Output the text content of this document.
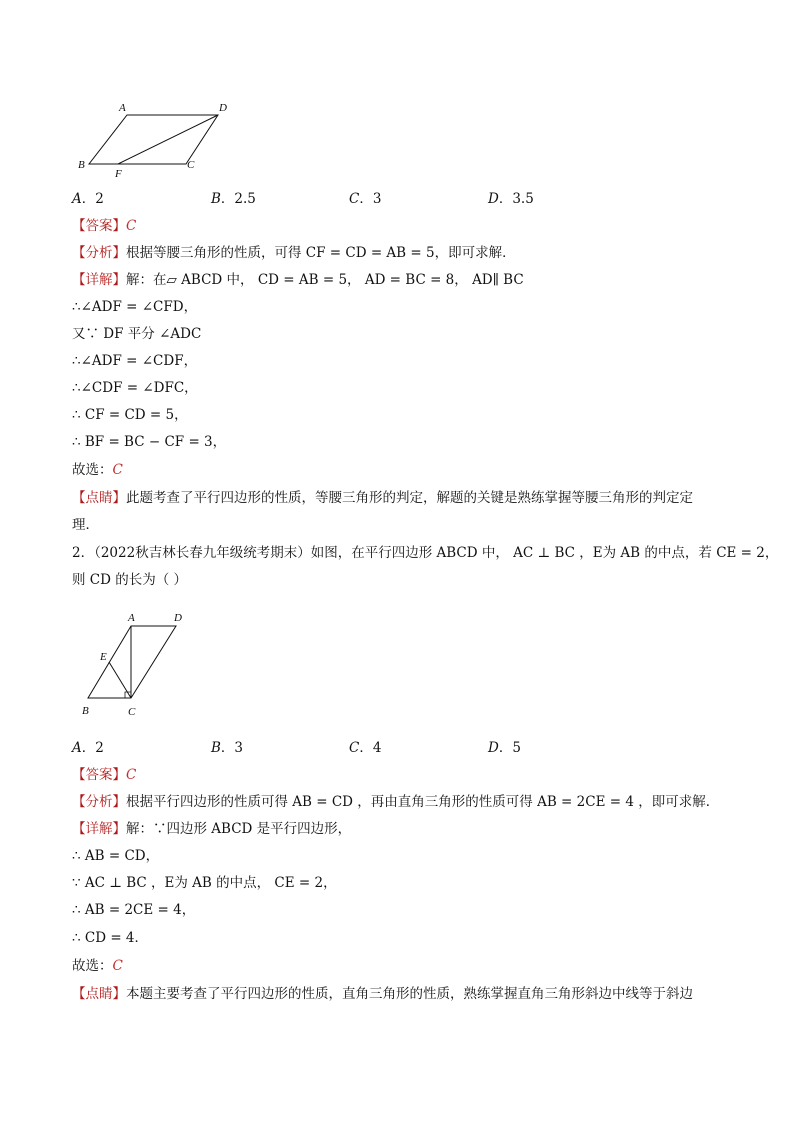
A	D
B	C
F
A．2	B．2.5	C．3	D．3.5
【答案】C
【分析】根据等腰三角形的性质，可得 CF = CD = AB = 5，即可求解．
【详解】解：在▱ ABCD 中， CD = AB = 5， AD = BC = 8， AD∥ BC
∴∠ADF = ∠CFD，
又∵ DF 平分 ∠ADC
∴∠ADF = ∠CDF，
∴∠CDF = ∠DFC，
∴ CF = CD = 5，
∴ BF = BC − CF = 3，
故选：C
【点睛】此题考查了平行四边形的性质，等腰三角形的判定，解题的关键是熟练掌握等腰三角形的判定定
理．
2．（2022秋吉林长春九年级统考期末）如图，在平行四边形 ABCD 中， AC ⊥ BC ，E为 AB 的中点，若 CE = 2，
则 CD 的长为（ ）
A	D
E
B	C
A．2	B．3	C．4	D．5
【答案】C
【分析】根据平行四边形的性质可得 AB = CD ，再由直角三角形的性质可得 AB = 2CE = 4 ，即可求解．
【详解】解：∵四边形 ABCD 是平行四边形，
∴ AB = CD，
∵ AC ⊥ BC ，E为 AB 的中点， CE = 2，
∴ AB = 2CE = 4，
∴ CD = 4．
故选：C
【点睛】本题主要考查了平行四边形的性质，直角三角形的性质，熟练掌握直角三角形斜边中线等于斜边
